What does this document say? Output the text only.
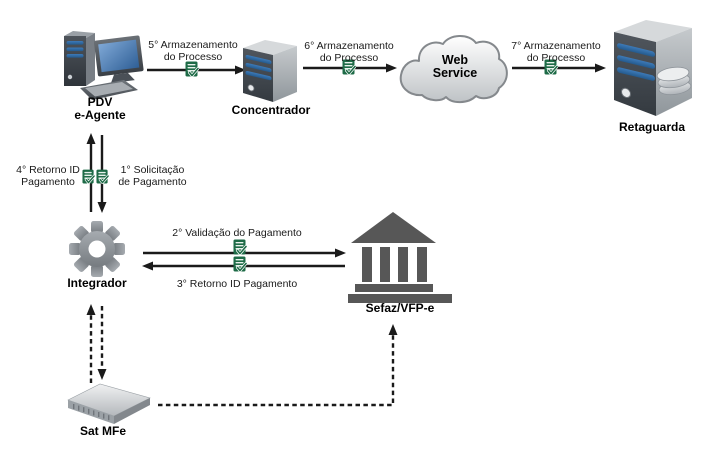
5° Armazenamento
do Processo
6° Armazenamento
do Processo
7° Armazenamento
do Processo
4° Retorno ID
Pagamento
1° Solicitação
de Pagamento
2° Validação do Pagamento
3° Retorno ID Pagamento
PDV
e-Agente	Concentrador
Web
Service
Retaguarda
Integrador
Sefaz/VFP-e
Sat MFe
